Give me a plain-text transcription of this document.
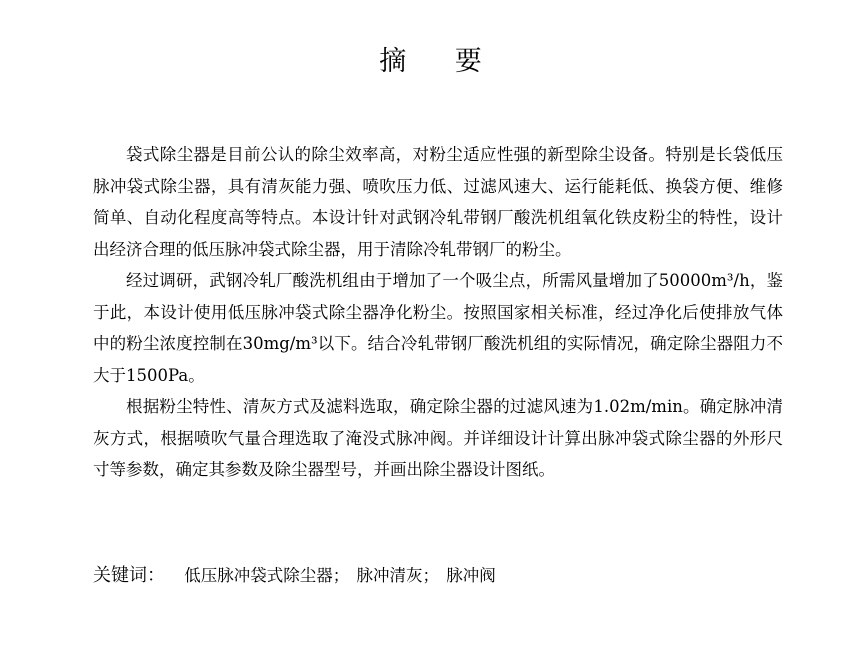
摘 要

袋式除尘器是目前公认的除尘效率高，对粉尘适应性强的新型除尘设备。特别是长袋低压脉冲袋式除尘器，具有清灰能力强、喷吹压力低、过滤风速大、运行能耗低、换袋方便、维修简单、自动化程度高等特点。本设计针对武钢冷轧带钢厂酸洗机组氧化铁皮粉尘的特性，设计出经济合理的低压脉冲袋式除尘器，用于清除冷轧带钢厂的粉尘。

经过调研，武钢冷轧厂酸洗机组由于增加了一个吸尘点，所需风量增加了50000m³/h，鉴于此，本设计使用低压脉冲袋式除尘器净化粉尘。按照国家相关标准，经过净化后使排放气体中的粉尘浓度控制在30mg/m³以下。结合冷轧带钢厂酸洗机组的实际情况，确定除尘器阻力不大于1500Pa。

根据粉尘特性、清灰方式及滤料选取，确定除尘器的过滤风速为1.02m/min。确定脉冲清灰方式，根据喷吹气量合理选取了淹没式脉冲阀。并详细设计计算出脉冲袋式除尘器的外形尺寸等参数，确定其参数及除尘器型号，并画出除尘器设计图纸。

关键词： 低压脉冲袋式除尘器； 脉冲清灰； 脉冲阀
